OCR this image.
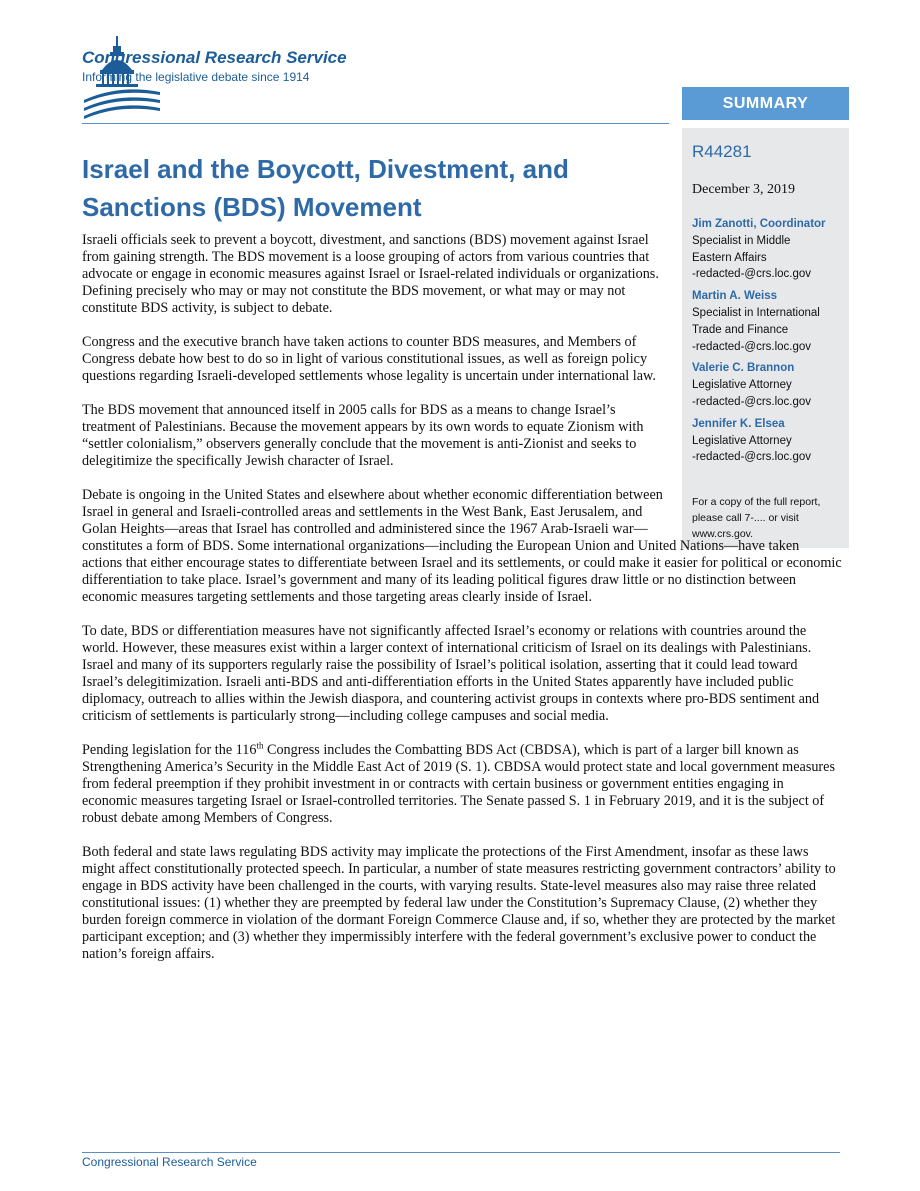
Congressional Research Service
Informing the legislative debate since 1914
SUMMARY
R44281
December 3, 2019
Jim Zanotti, Coordinator
Specialist in Middle
Eastern Affairs
-redacted-@crs.loc.gov
Martin A. Weiss
Specialist in International
Trade and Finance
-redacted-@crs.loc.gov
Valerie C. Brannon
Legislative Attorney
-redacted-@crs.loc.gov
Jennifer K. Elsea
Legislative Attorney
-redacted-@crs.loc.gov
For a copy of the full report, please call 7-.... or visit www.crs.gov.
Israel and the Boycott, Divestment, and Sanctions (BDS) Movement

Israeli officials seek to prevent a boycott, divestment, and sanctions (BDS) movement against Israel from gaining strength. The BDS movement is a loose grouping of actors from various countries that advocate or engage in economic measures against Israel or Israel-related individuals or organizations. Defining precisely who may or may not constitute the BDS movement, or what may or may not constitute BDS activity, is subject to debate.

Congress and the executive branch have taken actions to counter BDS measures, and Members of Congress debate how best to do so in light of various constitutional issues, as well as foreign policy questions regarding Israeli-developed settlements whose legality is uncertain under international law.

The BDS movement that announced itself in 2005 calls for BDS as a means to change Israel’s treatment of Palestinians. Because the movement appears by its own words to equate Zionism with “settler colonialism,” observers generally conclude that the movement is anti-Zionist and seeks to delegitimize the specifically Jewish character of Israel.

Debate is ongoing in the United States and elsewhere about whether economic differentiation between Israel in general and Israeli-controlled areas and settlements in the West Bank, East Jerusalem, and Golan Heights—areas that Israel has controlled and administered since the 1967 Arab-Israeli war—constitutes a form of BDS. Some international organizations—including the European Union and United Nations—have taken actions that either encourage states to differentiate between Israel and its settlements, or could make it easier for political or economic differentiation to take place. Israel’s government and many of its leading political figures draw little or no distinction between economic measures targeting settlements and those targeting areas clearly inside of Israel.

To date, BDS or differentiation measures have not significantly affected Israel’s economy or relations with countries around the world. However, these measures exist within a larger context of international criticism of Israel on its dealings with Palestinians. Israel and many of its supporters regularly raise the possibility of Israel’s political isolation, asserting that it could lead toward Israel’s delegitimization. Israeli anti-BDS and anti-differentiation efforts in the United States apparently have included public diplomacy, outreach to allies within the Jewish diaspora, and countering activist groups in contexts where pro-BDS sentiment and criticism of settlements is particularly strong—including college campuses and social media.

Pending legislation for the 116th Congress includes the Combatting BDS Act (CBDSA), which is part of a larger bill known as Strengthening America’s Security in the Middle East Act of 2019 (S. 1). CBDSA would protect state and local government measures from federal preemption if they prohibit investment in or contracts with certain business or government entities engaging in economic measures targeting Israel or Israel-controlled territories. The Senate passed S. 1 in February 2019, and it is the subject of robust debate among Members of Congress.

Both federal and state laws regulating BDS activity may implicate the protections of the First Amendment, insofar as these laws might affect constitutionally protected speech. In particular, a number of state measures restricting government contractors’ ability to engage in BDS activity have been challenged in the courts, with varying results. State-level measures also may raise three related constitutional issues: (1) whether they are preempted by federal law under the Constitution’s Supremacy Clause, (2) whether they burden foreign commerce in violation of the dormant Foreign Commerce Clause and, if so, whether they are protected by the market participant exception; and (3) whether they impermissibly interfere with the federal government’s exclusive power to conduct the nation’s foreign affairs.

Congressional Research Service
